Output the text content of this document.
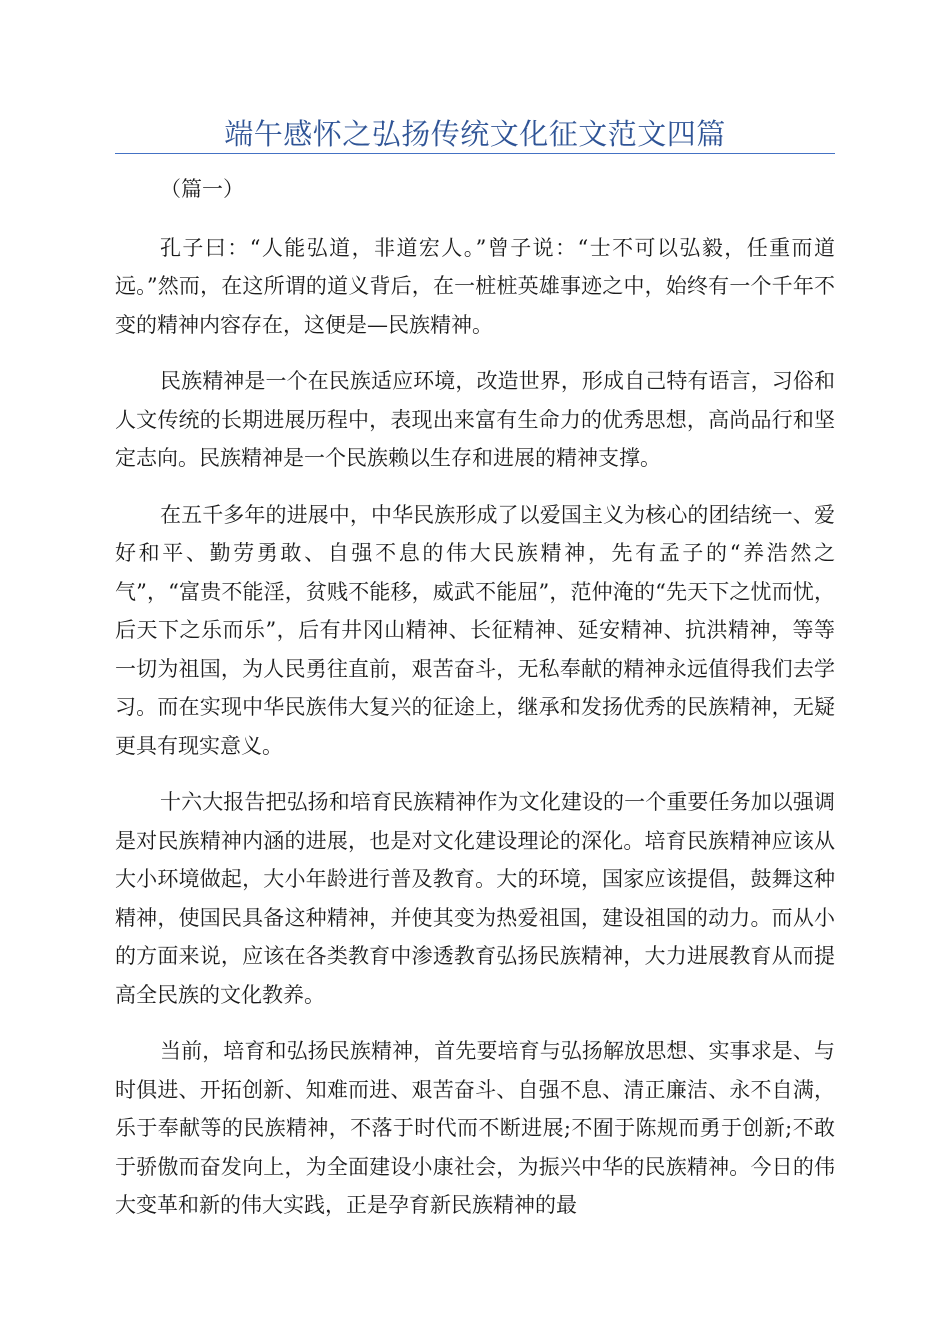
端午感怀之弘扬传统文化征文范文四篇

（篇一）

孔子曰：“人能弘道，非道宏人。”曾子说：“士不可以弘毅，任重而道远。”然而，在这所谓的道义背后，在一桩桩英雄事迹之中，始终有一个千年不变的精神内容存在，这便是—民族精神。

民族精神是一个在民族适应环境，改造世界，形成自己特有语言，习俗和人文传统的长期进展历程中，表现出来富有生命力的优秀思想，高尚品行和坚定志向。民族精神是一个民族赖以生存和进展的精神支撑。

在五千多年的进展中，中华民族形成了以爱国主义为核心的团结统一、爱好和平、勤劳勇敢、自强不息的伟大民族精神，先有孟子的“养浩然之气”，“富贵不能淫，贫贱不能移，威武不能屈”，范仲淹的“先天下之忧而忧，后天下之乐而乐”，后有井冈山精神、长征精神、延安精神、抗洪精神，等等一切为祖国，为人民勇往直前，艰苦奋斗，无私奉献的精神永远值得我们去学习。而在实现中华民族伟大复兴的征途上，继承和发扬优秀的民族精神，无疑更具有现实意义。

十六大报告把弘扬和培育民族精神作为文化建设的一个重要任务加以强调是对民族精神内涵的进展，也是对文化建设理论的深化。培育民族精神应该从大小环境做起，大小年龄进行普及教育。大的环境，国家应该提倡，鼓舞这种精神，使国民具备这种精神，并使其变为热爱祖国，建设祖国的动力。而从小的方面来说，应该在各类教育中渗透教育弘扬民族精神，大力进展教育从而提高全民族的文化教养。

当前，培育和弘扬民族精神，首先要培育与弘扬解放思想、实事求是、与时俱进、开拓创新、知难而进、艰苦奋斗、自强不息、清正廉洁、永不自满，乐于奉献等的民族精神，不落于时代而不断进展;不囿于陈规而勇于创新;不敢于骄傲而奋发向上，为全面建设小康社会，为振兴中华的民族精神。今日的伟大变革和新的伟大实践，正是孕育新民族精神的最
